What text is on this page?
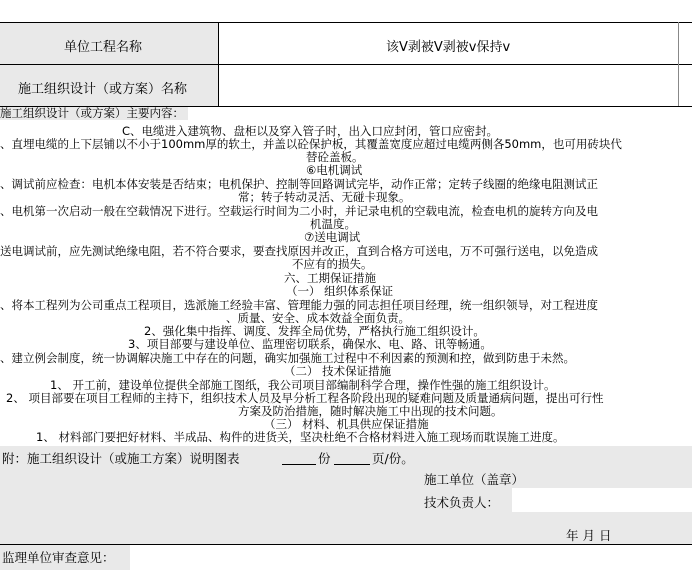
单位工程名称	该V剥被V剥被v保持v
施工组织设计（或方案）名称
施工组织设计（或方案）主要内容：
C、电缆进入建筑物、盘柜以及穿入管子时，出入口应封闭，管口应密封。
、直埋电缆的上下层铺以不小于100mm厚的软土，并盖以砼保护板，其覆盖宽度应超过电缆两侧各50mm，也可用砖块代
替砼盖板。
⑥电机调试
、调试前应检查：电机本体安装是否结束；电机保护、控制等回路调试完毕，动作正常；定转子线圈的绝缘电阻测试正
常；转子转动灵活、无碰卡现象。
、电机第一次启动一般在空载情况下进行。空载运行时间为二小时，并记录电机的空载电流，检查电机的旋转方向及电
机温度。
⑦送电调试
送电调试前，应先测试绝缘电阻，若不符合要求，要查找原因并改正，直到合格方可送电，万不可强行送电，以免造成
不应有的损失。
六、工期保证措施
（一） 组织体系保证
、将本工程列为公司重点工程项目，选派施工经验丰富、管理能力强的同志担任项目经理，统一组织领导，对工程进度
、质量、安全、成本效益全面负责。
2、强化集中指挥、调度、发挥全局优势，严格执行施工组织设计。
3、项目部要与建设单位、监理密切联系，确保水、电、路、讯等畅通。
、建立例会制度，统一协调解决施工中存在的问题，确实加强施工过程中不利因素的预测和控，做到防患于未然。
（二） 技术保证措施
1、 开工前，建设单位提供全部施工图纸，我公司项目部编制科学合理，操作性强的施工组织设计。
2、 项目部要在项目工程师的主持下，组织技术人员及早分析工程各阶段出现的疑难问题及质量通病问题，提出可行性
方案及防治措施，随时解决施工中出现的技术问题。
（三） 材料、机具供应保证措施
1、 材料部门要把好材料、半成品、构件的进货关，坚决杜绝不合格材料进入施工现场而耽误施工进度。
附：施工组织设计（或施工方案）说明图表	份	页/份。
施工单位（盖章）
技术负责人：
年 月 日
监理单位审查意见：
